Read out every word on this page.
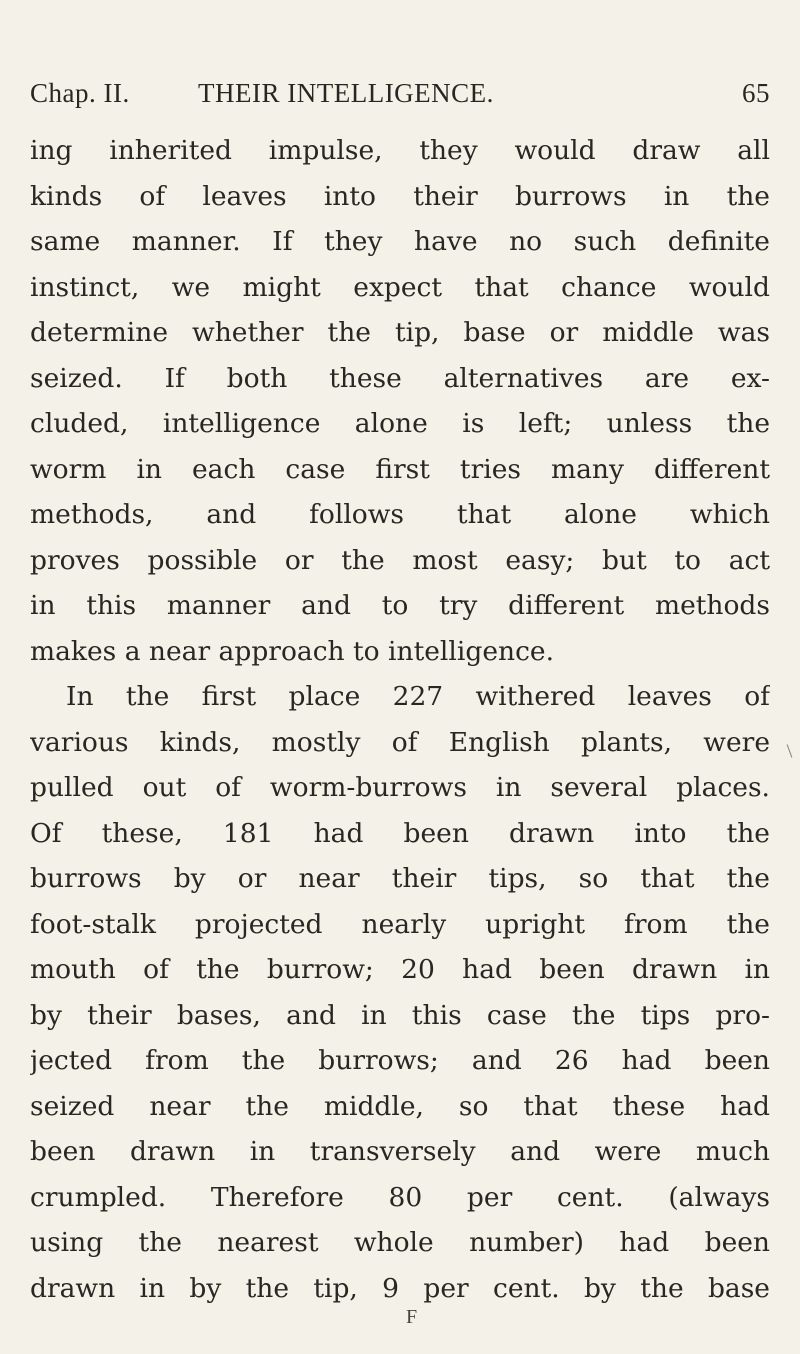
Chap. II.	THEIR INTELLIGENCE.	65
ing inherited impulse, they would draw all
kinds of leaves into their burrows in the
same manner. If they have no such definite
instinct, we might expect that chance would
determine whether the tip, base or middle was
seized. If both these alternatives are ex-
cluded, intelligence alone is left; unless the
worm in each case first tries many different
methods, and follows that alone which
proves possible or the most easy; but to act
in this manner and to try different methods
makes a near approach to intelligence.
In the first place 227 withered leaves of
various kinds, mostly of English plants, were
pulled out of worm-burrows in several places.
Of these, 181 had been drawn into the
burrows by or near their tips, so that the
foot-stalk projected nearly upright from the
mouth of the burrow; 20 had been drawn in
by their bases, and in this case the tips pro-
jected from the burrows; and 26 had been
seized near the middle, so that these had
been drawn in transversely and were much
crumpled. Therefore 80 per cent. (always
using the nearest whole number) had been
drawn in by the tip, 9 per cent. by the base
F
